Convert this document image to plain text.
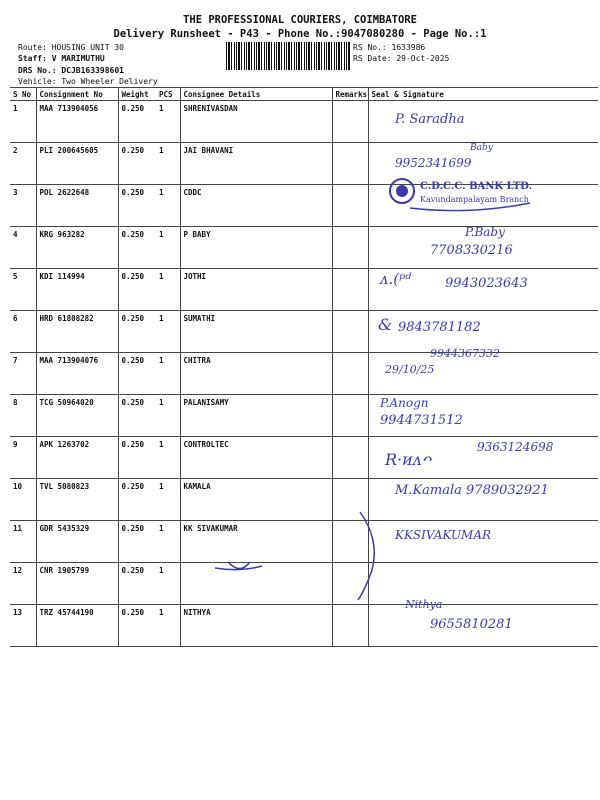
THE PROFESSIONAL COURIERS, COIMBATORE
Delivery Runsheet - P43 - Phone No.:9047080280 - Page No.:1
Route: HOUSING UNIT 30
Staff: V MARIMUTHU
DRS No.: DCJB163398601
Vehicle: Two Wheeler Delivery
RS No.: 1633986
RS Date: 29-Oct-2025
S No	Consignment No	Weight	PCS	Consignee Details	Remarks	Seal & Signature
1	MAA 713904056	0.250	1	SHRENIVASDAN		
2	PLI 200645605	0.250	1	JAI BHAVANI		
3	POL 2622648	0.250	1	CDDC		
4	KRG 963282	0.250	1	P BABY		
5	KDI 114994	0.250	1	JOTHI		
6	HRD 61808282	0.250	1	SUMATHI		
7	MAA 713904076	0.250	1	CHITRA		
8	TCG 50964020	0.250	1	PALANISAMY		
9	APK 1263702	0.250	1	CONTROLTEC		
10	TVL 5080823	0.250	1	KAMALA		
11	GDR 5435329	0.250	1	KK SIVAKUMAR		
12	CNR 1905799	0.250	1			
13	TRZ 45744190	0.250	1	NITHYA		
P. Saradha
Baby
9952341699
C.D.C.C. BANK LTD.
Kavundampalayam Branch
P.Baby
7708330216
ᴧ.(ᵖᵈ	9943023643
& 9843781182
9944367332
29/10/25
P.Anogn
9944731512
R·ᴎᴧᴖ
9363124698
M.Kamala 9789032921
KKSIVAKUMAR
Nithya
9655810281
